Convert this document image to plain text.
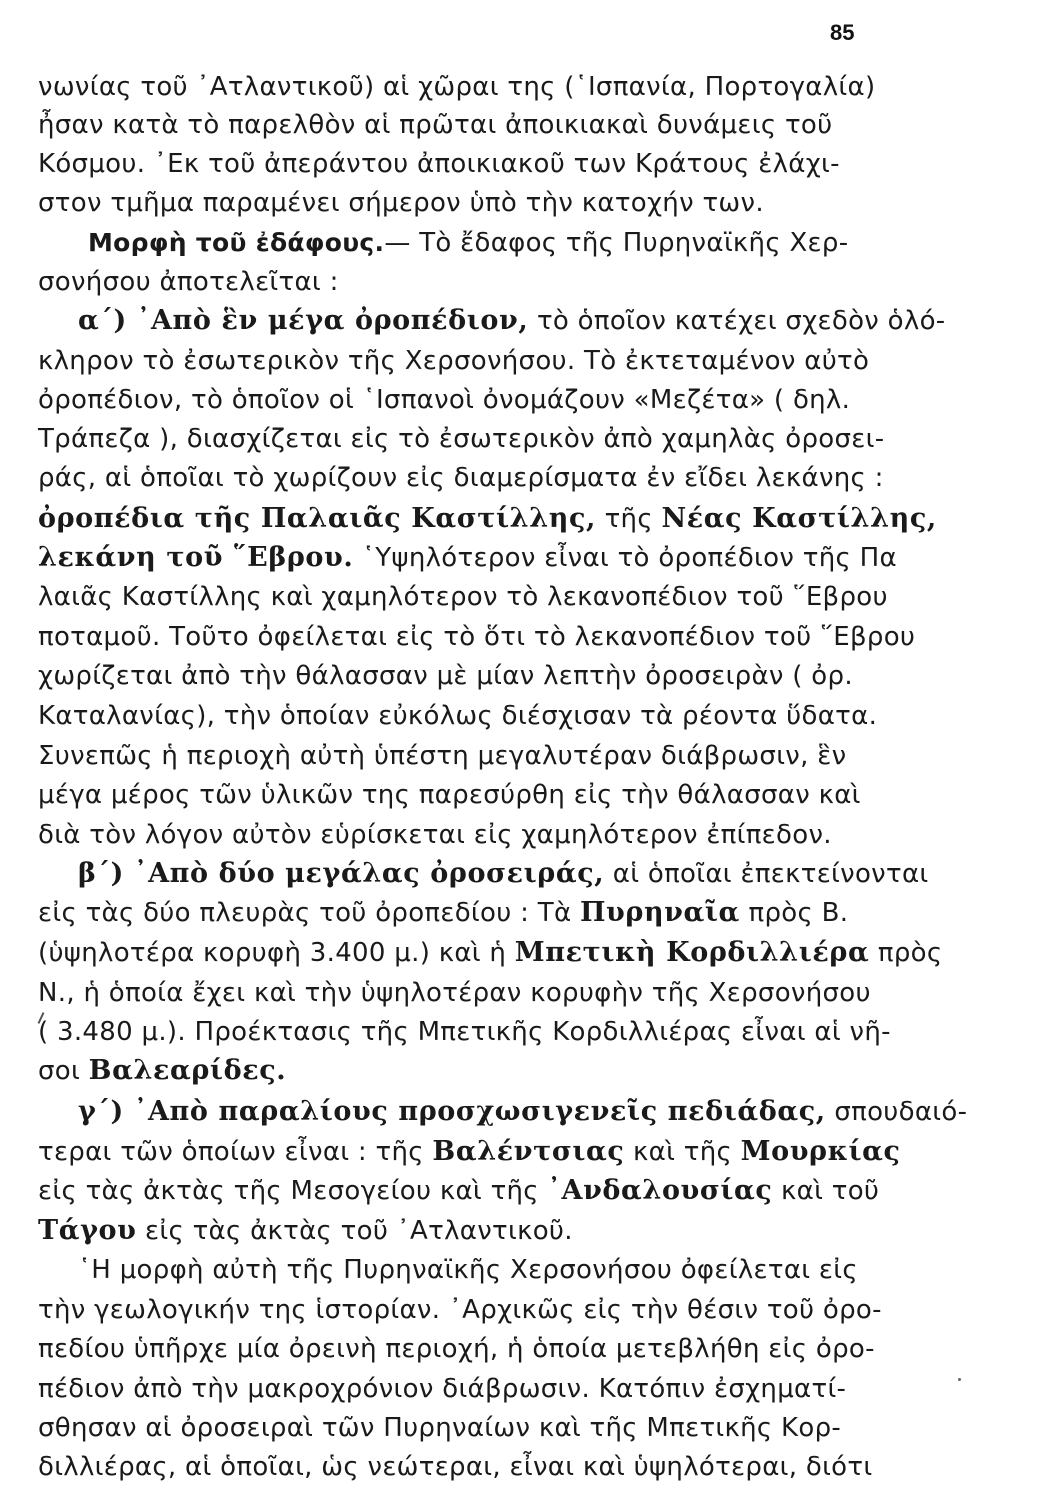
85
νωνίας τοῦ ᾿Ατλαντικοῦ) αἱ χῶραι της (῾Ισπανία, Πορτογαλία)
ἦσαν κατὰ τὸ παρελθὸν αἱ πρῶται ἀποικιακαὶ δυνάμεις τοῦ
Κόσμου. ᾿Εκ τοῦ ἀπεράντου ἀποικιακοῦ των Κράτους ἐλάχι-
στον τμῆμα παραμένει σήμερον ὑπὸ τὴν κατοχήν των.
Μορφὴ τοῦ ἐδάφους.— Τὸ ἔδαφος τῆς Πυρηναϊκῆς Χερ-
σονήσου ἀποτελεῖται :
α΄) ᾿Απὸ ἓν μέγα ὀροπέδιον, τὸ ὁποῖον κατέχει σχεδὸν ὁλό-
κληρον τὸ ἐσωτερικὸν τῆς Χερσονήσου. Τὸ ἐκτεταμένον αὐτὸ
ὀροπέδιον, τὸ ὁποῖον οἱ ῾Ισπανοὶ ὀνομάζουν «Μεζέτα» ( δηλ.
Τράπεζα ), διασχίζεται εἰς τὸ ἐσωτερικὸν ἀπὸ χαμηλὰς ὀροσει-
ράς, αἱ ὁποῖαι τὸ χωρίζουν εἰς διαμερίσματα ἐν εἴδει λεκάνης :
ὀροπέδια τῆς Παλαιᾶς Καστίλλης, τῆς Νέας Καστίλλης,
λεκάνη τοῦ ῞Εβρου. ῾Υψηλότερον εἶναι τὸ ὀροπέδιον τῆς Πα
λαιᾶς Καστίλλης καὶ χαμηλότερον τὸ λεκανοπέδιον τοῦ ῞Εβρου
ποταμοῦ. Τοῦτο ὀφείλεται εἰς τὸ ὅτι τὸ λεκανοπέδιον τοῦ ῞Εβρου
χωρίζεται ἀπὸ τὴν θάλασσαν μὲ μίαν λεπτὴν ὀροσειρὰν ( ὀρ.
Καταλανίας), τὴν ὁποίαν εὐκόλως διέσχισαν τὰ ρέοντα ὕδατα.
Συνεπῶς ἡ περιοχὴ αὐτὴ ὑπέστη μεγαλυτέραν διάβρωσιν, ἓν
μέγα μέρος τῶν ὑλικῶν της παρεσύρθη εἰς τὴν θάλασσαν καὶ
διὰ τὸν λόγον αὐτὸν εὑρίσκεται εἰς χαμηλότερον ἐπίπεδον.
β΄) ᾿Απὸ δύο μεγάλας ὀροσειράς, αἱ ὁποῖαι ἐπεκτείνονται
εἰς τὰς δύο πλευρὰς τοῦ ὀροπεδίου : Τὰ Πυρηναῖα πρὸς Β.
(ὑψηλοτέρα κορυφὴ 3.400 μ.) καὶ ἡ Μπετικὴ Κορδιλλιέρα πρὸς
Ν., ἡ ὁποία ἔχει καὶ τὴν ὑψηλοτέραν κορυφὴν τῆς Χερσονήσου
( 3.480 μ.). Προέκτασις τῆς Μπετικῆς Κορδιλλιέρας εἶναι αἱ νῆ-
σοι Βαλεαρίδες.
γ΄) ᾿Απὸ παραλίους προσχωσιγενεῖς πεδιάδας, σπουδαιό-
τεραι τῶν ὁποίων εἶναι : τῆς Βαλέντσιας καὶ τῆς Μουρκίας
εἰς τὰς ἀκτὰς τῆς Μεσογείου καὶ τῆς ᾿Ανδαλουσίας καὶ τοῦ
Τάγου εἰς τὰς ἀκτὰς τοῦ ᾿Ατλαντικοῦ.
῾Η μορφὴ αὐτὴ τῆς Πυρηναϊκῆς Χερσονήσου ὀφείλεται εἰς
τὴν γεωλογικήν της ἱστορίαν. ᾿Αρχικῶς εἰς τὴν θέσιν τοῦ ὀρο-
πεδίου ὑπῆρχε μία ὀρεινὴ περιοχή, ἡ ὁποία μετεβλήθη εἰς ὀρο-
πέδιον ἀπὸ τὴν μακροχρόνιον διάβρωσιν. Κατόπιν ἐσχηματί-
σθησαν αἱ ὀροσειραὶ τῶν Πυρηναίων καὶ τῆς Μπετικῆς Κορ-
διλλιέρας, αἱ ὁποῖαι, ὡς νεώτεραι, εἶναι καὶ ὑψηλότεραι, διότι
